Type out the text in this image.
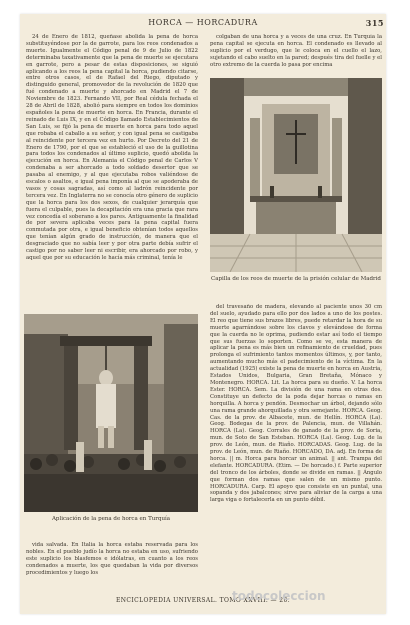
HORCA — HORCADURA	315

24 de Enero de 1812, queñase abolida la pena de horca substituyéndose por la de garrote, para los reos condenados a muerte. Igualmente el Código penal de 9 de Julio de 1822 determinaba taxativamente que la pena de muerte se ejecutara en garrote, pero a pesar de estas disposiciones, se siguió aplicando a los reos la pena capital la horca, pudiendo citarse, entre otros casos, el de Rafael del Riego, diputado y distinguido general, promovedor de la revolución de 1820 que fué condenado a muerte y ahorcado en Madrid el 7 de Noviembre de 1823. Fernando VII, por Real cédula fechada el 28 de Abril de 1828, abolió para siempre en todos los dominios españoles la pena de muerte en horca. En Francia, durante el reinado de Luis IX, y en el Código llamado Establecimientos de San Luis, se fijó la pena de muerte en horca para todo aquel que robaba el caballo a su señor, y con igual pena se castigaba al reincidente por tercera vez en hurto. Por Decreto del 21 de Enero de 1790, por el que se estableció el uso de la guillotina para todos los condenados al último suplicio, quedó abolida la ejecución en horca. En Alemania el Código penal de Carlos V condenaba a ser ahorcado a todo soldado desertor que se pasaba al enemigo, y al que ejecutaba robos valiéndose de escalos o asaltos, e igual pena imponía al que se apoderaba de vasos y cosas sagradas, así como al ladrón reincidente por tercera vez. En Inglaterra no se conocía otro género de suplicio que la horca para los dos sexos, de cualquier jerarquía que fuera el culpable, pues la decapitación era una gracia que rara vez concedía el soberano a los pares. Antiguamente la finalidad de por severa aplicaba veces para la pena capital fuera conmutada por otra, e igual beneficio obtenían todos aquellos que tenían algún grado de instrucción, de manera que el desgraciado que no sabía leer y por otra parte debía sufrir el castigo por no saber leer ni escribir, era ahorcado por robo, y aquel que por su educación le hacía más criminal, tenía le

Aplicación de la pena de horca en Turquía

vida salvada. En Italia la horca estaba reservada para los nobles. En el pueblo judío la horca no estaba en uso, sufriendo este suplicio los blasfemos e idólatras, en cuanto a los reos condenados a muerte, los que quedaban la vida por diversos procedimientos y luego los

colgaban de una horca y a veces de una cruz. En Turquía la pena capital se ejecuta en horca. El condenado es llevado al suplicio por el verdugo, que le coloca en el cuello el lazo, sujetando el cabo suelto en la pared; después tira del fuelle y el otro extremo de la cuerda lo pasa por encima

Capilla de los reos de muerte de la prisión celular de Madrid

del travesaño de madera, elevando al paciente unos 30 cm del suelo, ayudado para ello por dos lados a uno de los postes. El reo que tiene sus brazos libres, puede retardar la hora de su muerte agarrándose sobre los clavos y elevándose de forma que la cuerda no le oprima, pudiendo estar así todo el tiempo que sus fuerzas lo soporten. Como se ve, esta manera de aplicar la pena es más bien un refinamiento de crueldad, pues prolonga el sufrimiento tantos momentos últimos, y, por tanto, aumentando mucho más el padecimiento de la víctima. En la actualidad (1925) existe la pena de muerte en horca en Austria, Estados Unidos, Bulgaria, Gran Bretaña, Mónaco y Montenegro. HORCA. Lit. La horca para su dueño. V. La horca Ester. HORCA. Sem. La división de una rama en otras dos. Constituye un defecto de la poda dejar horcas o ramas en horquilla. A horca y pendón. Desmochar un árbol, dejando sólo una rama grande ahorquillada y otra semejante. HORCA. Geog. Cas. de la prov. de Albacete, mun. de Hellín. HORCA (La). Geog. Bodegas de la prov. de Palencia, mun. de Villahán. HORCA (La). Geog. Corrales de ganado de la prov. de Soria, mun. de Soto de San Esteban. HORCA (La). Geog. Lug. de la prov. de León, mun. de Riaño. HORCADAS. Geog. Lug. de la prov. de León, mun. de Riaño. HORCADO, DA. adj. En forma de horca. || m. Horca para horcar un animal. || ant. Trampa del elefante. HORCADURA. (Etim. — De horcado.) f. Parte superior del tronco de los árboles, donde se divide en ramas. || Ángulo que forman dos ramas que salen de un mismo punto. HORCADURA. Carp. El apoyo que consiste en un puntal, una sopanda y dos jabalcones; sirve para aliviar de la carga a una larga viga o fortalecerla en un punto débil.

ENCICLOPEDIA UNIVERSAL. TOMO XXVIII. — 20.
todocoleccion
